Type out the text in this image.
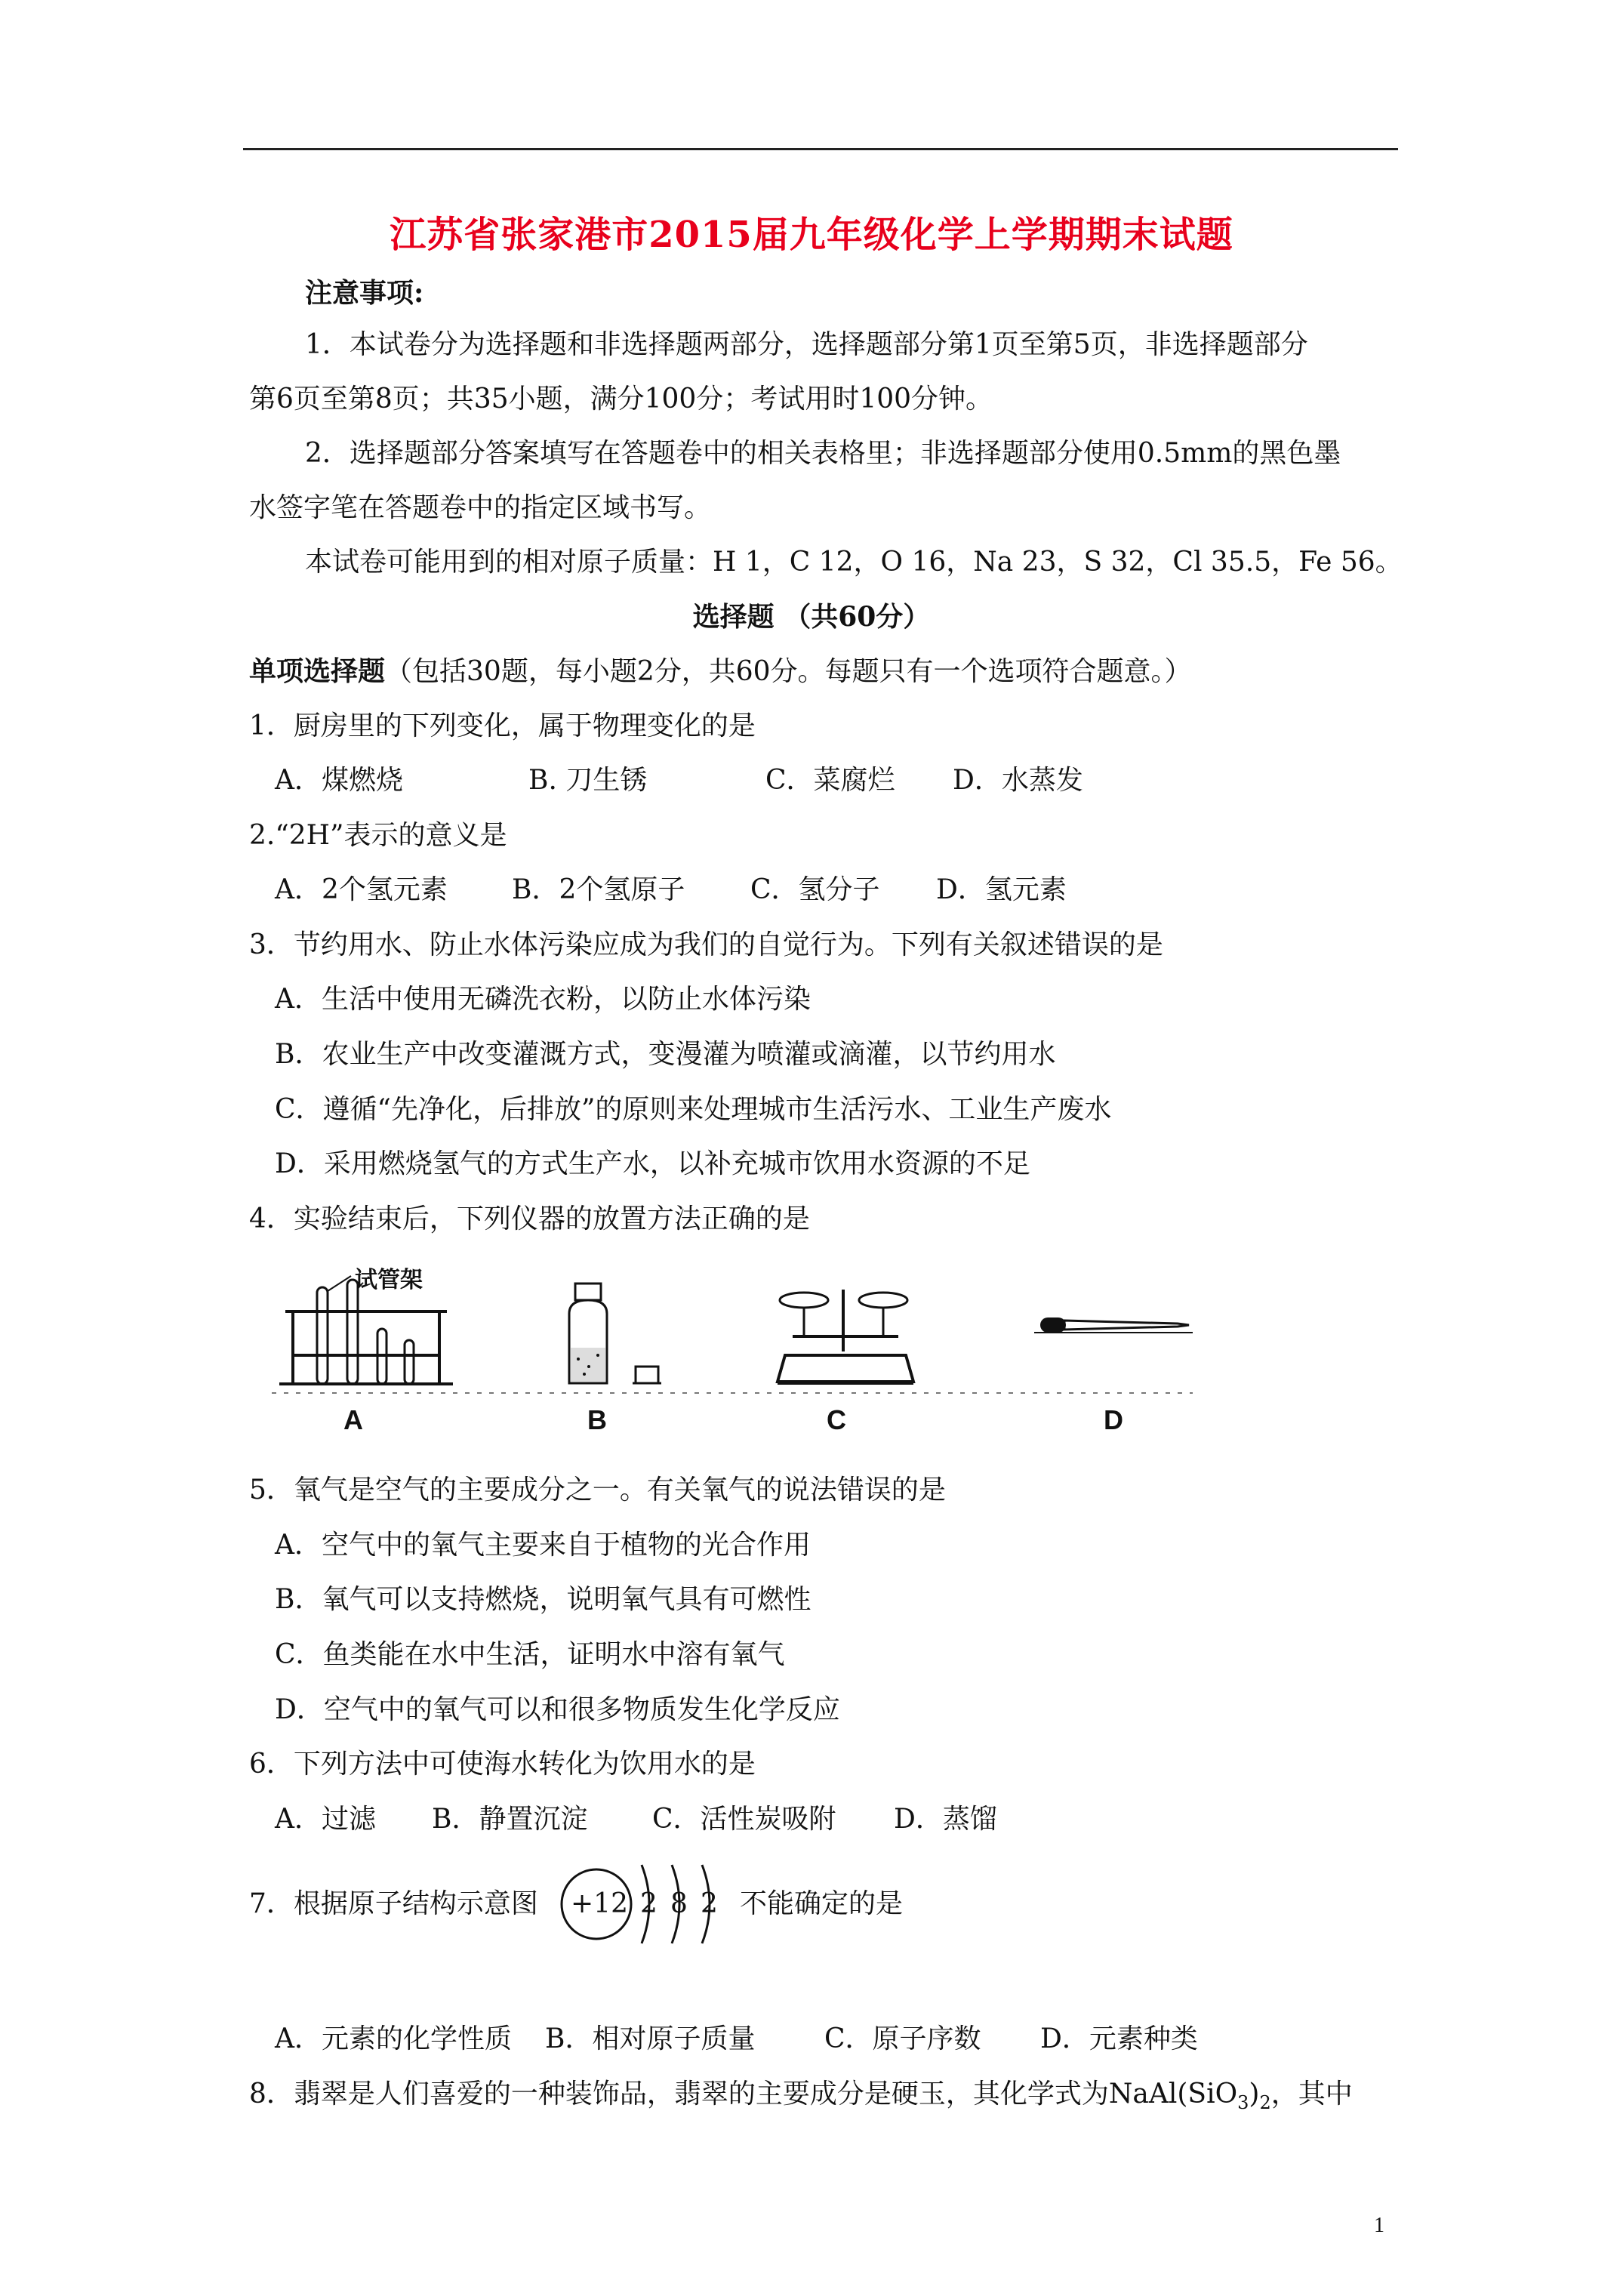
江苏省张家港市2015届九年级化学上学期期末试题
注意事项:
1．本试卷分为选择题和非选择题两部分，选择题部分第1页至第5页，非选择题部分
第6页至第8页；共35小题，满分100分；考试用时100分钟。
2．选择题部分答案填写在答题卷中的相关表格里；非选择题部分使用0.5mm的黑色墨
水签字笔在答题卷中的指定区域书写。
本试卷可能用到的相对原子质量：H 1，C 12，O 16，Na 23，S 32，Cl 35.5，Fe 56。
选择题 （共60分）
单项选择题（包括30题，每小题2分，共60分。每题只有一个选项符合题意。）
1．厨房里的下列变化，属于物理变化的是
A．煤燃烧	B. 刀生锈	C．菜腐烂 D．水蒸发
2.“2H”表示的意义是
A．2个氢元素 B．2个氢原子 C．氢分子 D．氢元素
3．节约用水、防止水体污染应成为我们的自觉行为。下列有关叙述错误的是
A．生活中使用无磷洗衣粉，以防止水体污染
B．农业生产中改变灌溉方式，变漫灌为喷灌或滴灌，以节约用水
C．遵循“先净化，后排放”的原则来处理城市生活污水、工业生产废水
D．采用燃烧氢气的方式生产水，以补充城市饮用水资源的不足
4．实验结束后，下列仪器的放置方法正确的是
试管架
A	B	C	D
5．氧气是空气的主要成分之一。有关氧气的说法错误的是
A．空气中的氧气主要来自于植物的光合作用
B．氧气可以支持燃烧，说明氧气具有可燃性
C．鱼类能在水中生活，证明水中溶有氧气
D．空气中的氧气可以和很多物质发生化学反应
6．下列方法中可使海水转化为饮用水的是
A．过滤 B．静置沉淀 C．活性炭吸附 D．蒸馏
7．根据原子结构示意图 +12 2 8 2 不能确定的是
A．元素的化学性质 B．相对原子质量	C．原子序数 D．元素种类
8．翡翠是人们喜爱的一种装饰品，翡翠的主要成分是硬玉，其化学式为$NaAl(SiO_3)_2$，其中
1
